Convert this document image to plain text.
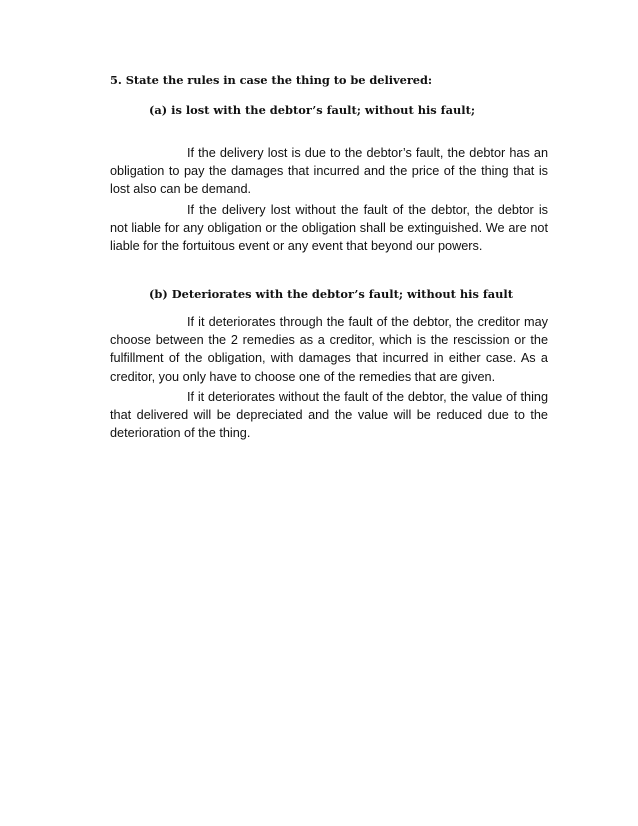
5. State the rules in case the thing to be delivered:
(a) is lost with the debtor’s fault; without his fault;

If the delivery lost is due to the debtor’s fault, the debtor has an obligation to pay the damages that incurred and the price of the thing that is lost also can be demand.

If the delivery lost without the fault of the debtor, the debtor is not liable for any obligation or the obligation shall be extinguished. We are not liable for the fortuitous event or any event that beyond our powers.

(b) Deteriorates with the debtor’s fault; without his fault

If it deteriorates through the fault of the debtor, the creditor may choose between the 2 remedies as a creditor, which is the rescission or the fulfillment of the obligation, with damages that incurred in either case. As a creditor, you only have to choose one of the remedies that are given.

If it deteriorates without the fault of the debtor, the value of thing that delivered will be depreciated and the value will be reduced due to the deterioration of the thing.
